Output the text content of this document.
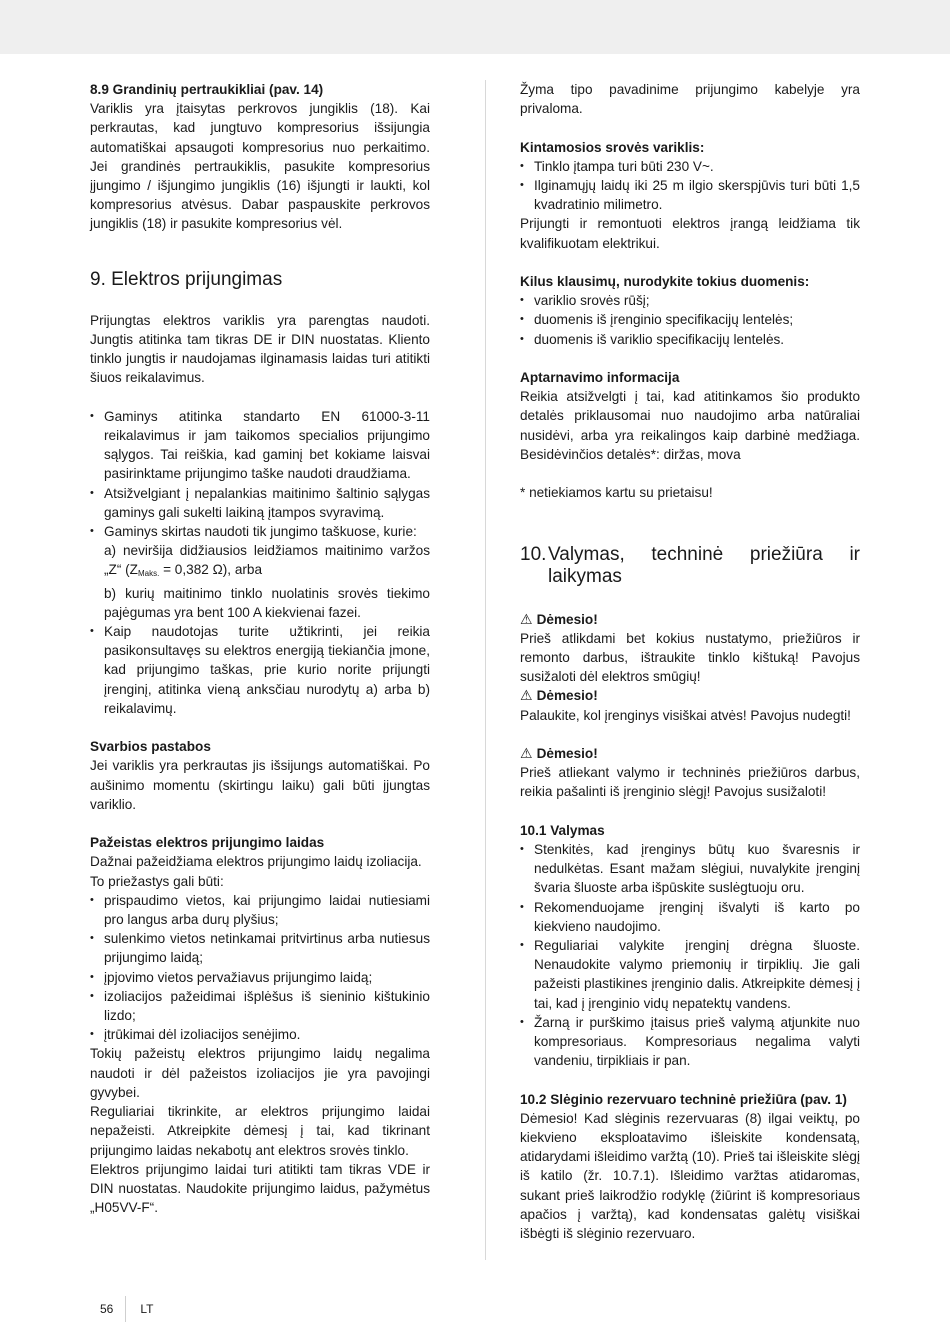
8.9 Grandinių pertraukikliai (pav. 14)

Variklis yra įtaisytas perkrovos jungiklis (18). Kai perkrautas, kad jungtuvo kompresorius išsijungia automatiškai apsaugoti kompresorius nuo perkaitimo. Jei grandinės pertraukiklis, pasukite kompresorius įjungimo / išjungimo jungiklis (16) išjungti ir laukti, kol kompresorius atvėsus. Dabar paspauskite perkrovos jungiklis (18) ir pasukite kompresorius vėl.

9. Elektros prijungimas

Prijungtas elektros variklis yra parengtas naudoti. Jungtis atitinka tam tikras DE ir DIN nuostatas. Kliento tinklo jungtis ir naudojamas ilginamasis laidas turi atitikti šiuos reikalavimus.

• Gaminys atitinka standarto EN 61000-3-11 reikalavimus ir jam taikomos specialios prijungimo sąlygos. Tai reiškia, kad gaminį bet kokiame laisvai pasirinktame prijungimo taške naudoti draudžiama.
• Atsižvelgiant į nepalankias maitinimo šaltinio sąlygas gaminys gali sukelti laikiną įtampos svyravimą.
• Gaminys skirtas naudoti tik jungimo taškuose, kurie:
a) neviršija didžiausios leidžiamos maitinimo varžos „Z“ (ZMaks. = 0,382 Ω), arba
b) kurių maitinimo tinklo nuolatinis srovės tiekimo pajėgumas yra bent 100 A kiekvienai fazei.
• Kaip naudotojas turite užtikrinti, jei reikia pasikonsultavęs su elektros energiją tiekiančia įmone, kad prijungimo taškas, prie kurio norite prijungti įrenginį, atitinka vieną anksčiau nurodytų a) arba b) reikalavimų.

Svarbios pastabos

Jei variklis yra perkrautas jis išsijungs automatiškai. Po aušinimo momentu (skirtingu laiku) gali būti įjungtas variklio.

Pažeistas elektros prijungimo laidas

Dažnai pažeidžiama elektros prijungimo laidų izoliacija.

To priežastys gali būti:

• prispaudimo vietos, kai prijungimo laidai nutiesiami pro langus arba durų plyšius;
• sulenkimo vietos netinkamai pritvirtinus arba nutiesus prijungimo laidą;
• įpjovimo vietos pervažiavus prijungimo laidą;
• izoliacijos pažeidimai išplėšus iš sieninio kištukinio lizdo;
• įtrūkimai dėl izoliacijos senėjimo.

Tokių pažeistų elektros prijungimo laidų negalima naudoti ir dėl pažeistos izoliacijos jie yra pavojingi gyvybei.

Reguliariai tikrinkite, ar elektros prijungimo laidai nepažeisti. Atkreipkite dėmesį į tai, kad tikrinant prijungimo laidas nekabotų ant elektros srovės tinklo.

Elektros prijungimo laidai turi atitikti tam tikras VDE ir DIN nuostatas. Naudokite prijungimo laidus, pažymėtus „H05VV-F“.

Žyma tipo pavadinime prijungimo kabelyje yra privaloma.

Kintamosios srovės variklis:

• Tinklo įtampa turi būti 230 V~.
• Ilginamųjų laidų iki 25 m ilgio skerspjūvis turi būti 1,5 kvadratinio milimetro.

Prijungti ir remontuoti elektros įrangą leidžiama tik kvalifikuotam elektrikui.

Kilus klausimų, nurodykite tokius duomenis:

• variklio srovės rūšį;
• duomenis iš įrenginio specifikacijų lentelės;
• duomenis iš variklio specifikacijų lentelės.

Aptarnavimo informacija

Reikia atsižvelgti į tai, kad atitinkamos šio produkto detalės priklausomai nuo naudojimo arba natūraliai nusidėvi, arba yra reikalingos kaip darbinė medžiaga. Besidėvinčios detalės*: diržas, mova

* netiekiamos kartu su prietaisu!

10. Valymas, techninė priežiūra ir
laikymas

⚠ Dėmesio!

Prieš atlikdami bet kokius nustatymo, priežiūros ir remonto darbus, ištraukite tinklo kištuką! Pavojus susižaloti dėl elektros smūgių!

⚠ Dėmesio!

Palaukite, kol įrenginys visiškai atvės! Pavojus nudegti!

⚠ Dėmesio!

Prieš atliekant valymo ir techninės priežiūros darbus, reikia pašalinti iš įrenginio slėgį! Pavojus susižaloti!

10.1 Valymas

• Stenkitės, kad įrenginys būtų kuo švaresnis ir nedulkėtas. Esant mažam slėgiui, nuvalykite įrenginį švaria šluoste arba išpūskite suslėgtuoju oru.
• Rekomenduojame įrenginį išvalyti iš karto po kiekvieno naudojimo.
• Reguliariai valykite įrenginį drėgna šluoste. Nenaudokite valymo priemonių ir tirpiklių. Jie gali pažeisti plastikines įrenginio dalis. Atkreipkite dėmesį į tai, kad į įrenginio vidų nepatektų vandens.
• Žarną ir purškimo įtaisus prieš valymą atjunkite nuo kompresoriaus. Kompresoriaus negalima valyti vandeniu, tirpikliais ir pan.

10.2 Slėginio rezervuaro techninė priežiūra (pav. 1)

Dėmesio! Kad slėginis rezervuaras (8) ilgai veiktų, po kiekvieno eksploatavimo išleiskite kondensatą, atidarydami išleidimo varžtą (10). Prieš tai išleiskite slėgį iš katilo (žr. 10.7.1). Išleidimo varžtas atidaromas, sukant prieš laikrodžio rodyklę (žiūrint iš kompresoriaus apačios į varžtą), kad kondensatas galėtų visiškai išbėgti iš slėginio rezervuaro.

56 LT
